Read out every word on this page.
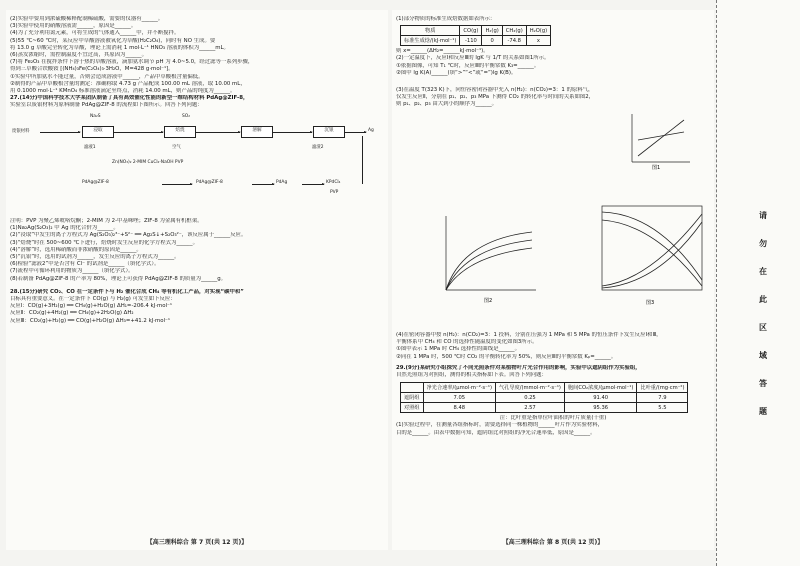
(2)实验中要用到浓硫酸稀释配制稀硫酸，需要的仪器有______。
(3)实验中使用的硝酸溶液需______，原因是______。
(4)为了充分利用氮元素，可将生成的气体通入______中，并不断搅拌。
(5)55 ℃~60 ℃时，某反应中草酸溶液被氧化为草酸(H₂C₂O₄)，同时有 NO 生成。要
将 13.0 g 草酸完全转化为草酸，理论上需消耗 1 mol·L⁻¹ HNO₃ 溶液的体积为______mL。
(6)蒸发浓缩时，需控制温度不宜过高，其原因为______。
(7)将 Fe₂O₃ 在搅拌条件下溶于热的草酸溶液，滴加氨水调节 pH 为 4.0~5.0，经过滤等一系列步骤，
得到三草酸合铁酸铵 [(NH₄)₃Fe(C₂O₄)₃·3H₂O，M=428 g·mol⁻¹]。
①实验中所加氨水不能过量，否则会造成溶液中______，产品中草酸根含量偏低。
②制得的产品中草酸根含量的测定：准确称取 4.73 g 产品配成 100.00 mL 溶液，取 10.00 mL，
用 0.1000 mol·L⁻¹ KMnO₄ 标准溶液滴定至终点，消耗 14.00 mL，则产品的纯度为______。
27.(14分)中国科学技术大学某团队制备了具有高效催化性能的新型一维结构材料 PdAg@ZIF-8，
实验室以废银材料为原料制备 PdAg@ZIF-8 的流程如下图所示。回答下列问题：
Na₂S	SO₂
废银材料	浸取	焙烧	溶解	沉银	Ag
滤液1	空气	滤渣2
Zn(NO₃)₂ 2-MIM CuCl₂·NaOH PVP
PdAg@ZIF-8	PdAg@ZIF-8	PdAg	KPdCl₄
PVP
注明：PVP 为聚乙烯吡咯烷酮；2-MIM 为 2-甲基咪唑；ZIF-8 为金属有机框架。
(1)Na₂Ag(S₂O₃)₂ 中 Ag 的化合价为______。
(2)“浸取”中发生的离子方程式为 Ag(S₂O₃)₂³⁻+S²⁻ ══ Ag₂S↓+S₂O₃²⁻，该反应属于______反应。
(3)“焙烧”时在 500~600 ℃下进行，焙烧时发生反应的化学方程式为______。
(4)“溶解”时，选用稀硝酸而非浓硝酸的原因是______。
(5)“沉银”时，选用的试剂为______，发生反应的离子方程式为______。
(6)检验“滤液2”中是否含有 Cl⁻ 的试剂是______（填化学式）。
(7)流程中可循环利用的物质为______（填化学式）。
(8)若制备 PdAg@ZIF-8 的产率为 80%，理论上可获得 PdAg@ZIF-8 的质量为______g。
28.(15分)研究 CO₂、CO 在一定条件下与 H₂ 催化合成 CH₄ 等有机化工产品，对实现“碳中和”
目标具有重要意义。在一定条件下 CO(g) 与 H₂(g) 可发生如下反应：
反应Ⅰ：CO(g)+3H₂(g) ══ CH₄(g)+H₂O(g) ΔH₁=-206.4 kJ·mol⁻¹
反应Ⅱ：CO₂(g)+4H₂(g) ══ CH₄(g)+2H₂O(g) ΔH₂
反应Ⅲ：CO₂(g)+H₂(g) ══ CO(g)+H₂O(g) ΔH₃=+41.2 kJ·mol⁻¹
【高三理科综合 第 7 页(共 12 页)】
(1)部分物质的标准生成焓数据如表所示：
物质	CO(g)	H₂(g)	CH₄(g)	H₂O(g)
标准生成焓/(kJ·mol⁻¹)	-110	0	-74.8	x
则 x=______(ΔH₂=______kJ·mol⁻¹)。
(2)一定温度下，反应Ⅰ和反应Ⅲ的 lgK 与 1/T 的关系如图1所示。
①依据图像，可知 T₁ ℃时，反应Ⅲ的平衡常数 K₃=______。
②图中 lg K(A)______(填“>”“<”或“=”)lg K(B)。
(3)在温度 T(323 K)下，向恒容密闭容器中充入 n(H₂)：n(CO₂)=3：1 的原料气，
仅发生反应Ⅱ，分别在 p₁、p₂、p₃ MPa 下测得 CO₂ 的转化率与时间的关系如图2，
则 p₁、p₂、p₃ 由大到小的顺序为______。
图1
图2	图3
(4)在密闭容器中按 n(H₂)：n(CO₂)=3：1 投料，分别在压强为 1 MPa 和 5 MPa 的恒压条件下发生反应Ⅰ和Ⅲ，
平衡体系中 CH₄ 和 CO 的选择性随温度的变化如图3所示。
①图中表示 1 MPa 时 CH₄ 选择性的曲线是______。
②同在 1 MPa 时，500 ℃时 CO₂ 的平衡转化率为 50%，则反应Ⅲ的平衡常数 Kₚ=______。
29.(9分)某研究小组探究了不同光照条件对某植物叶片光合作用的影响，实验中以遮阴组作为实验组，
自然光照组为对照组，测得的相关指标如下表。回答下列问题：
	净光合速率/(μmol·m⁻²·s⁻¹)	气孔导度/(mmol·m⁻²·s⁻¹)	胞间CO₂浓度/(μmol·mol⁻¹)	比叶重/(mg·cm⁻²)
遮阴组	7.05	0.25	91.40	7.9
对照组	8.48	2.57	95.36	5.5
注：比叶重是指单位叶面积的叶片质量(干重)
(1)实验过程中，在测量各组指标时，需要选择同一株植物的______叶片作为实验材料，
目的是______。由表中数据可知，遮阴组比对照组的净光合速率低，原因是______。
【高三理科综合 第 8 页(共 12 页)】
请
勿
在
此
区
域
答
题
